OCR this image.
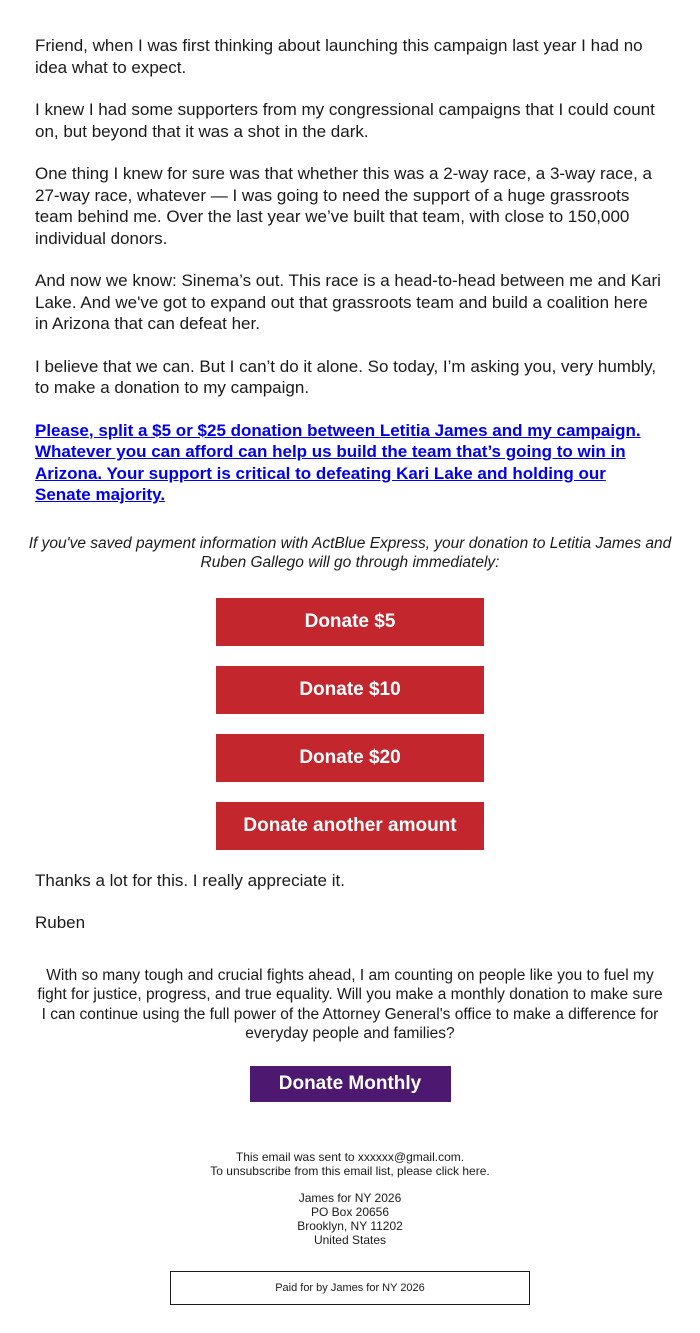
Friend, when I was first thinking about launching this campaign last year I had no idea what to expect.

I knew I had some supporters from my congressional campaigns that I could count on, but beyond that it was a shot in the dark.

One thing I knew for sure was that whether this was a 2-way race, a 3-way race, a 27-way race, whatever — I was going to need the support of a huge grassroots team behind me. Over the last year we’ve built that team, with close to 150,000 individual donors.

And now we know: Sinema’s out. This race is a head-to-head between me and Kari Lake. And we've got to expand out that grassroots team and build a coalition here in Arizona that can defeat her.

I believe that we can. But I can’t do it alone. So today, I’m asking you, very humbly, to make a donation to my campaign.

Please, split a $5 or $25 donation between Letitia James and my campaign. Whatever you can afford can help us build the team that’s going to win in Arizona. Your support is critical to defeating Kari Lake and holding our Senate majority.

If you've saved payment information with ActBlue Express, your donation to Letitia James and Ruben Gallego will go through immediately:

Donate $5
Donate $10
Donate $20
Donate another amount

Thanks a lot for this. I really appreciate it.

Ruben

With so many tough and crucial fights ahead, I am counting on people like you to fuel my fight for justice, progress, and true equality. Will you make a monthly donation to make sure I can continue using the full power of the Attorney General's office to make a difference for everyday people and families?

Donate Monthly
This email was sent to xxxxxx@gmail.com.
To unsubscribe from this email list, please click here.
James for NY 2026
PO Box 20656
Brooklyn, NY 11202
United States
Paid for by James for NY 2026
